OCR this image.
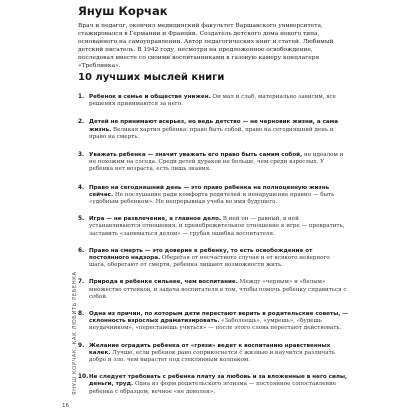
Януш Корчак

Врач и педагог, окончил медицинский факультет Варшавского университета, стажировался в Германии и Франции. Создатель детского дома нового типа, основанного на самоуправлении. Автор педагогических книг и статей. Любимый детский писатель. В 1942 году, несмотря на предложенное освобождение, последовал вместе со своими воспитанниками в газовую камеру концлагеря «Треблинка».

10 лучших мыслей книги
1. Ребенок в семье и обществе унижен. Он мал и слаб, материально зависим, все решения принимаются за него.
2. Детей не принимают всерьез, но ведь детство — не черновик жизни, а сама жизнь. Великая хартия ребенка: право быть собой, право на сегодняшний день и право на смерть.
3. Уважать ребенка — значит уважать его право быть самим собой, не идеалом и не похожим на соседа. Среди детей дураков не больше, чем среди взрослых. У ребенка нет возраста, есть лишь знания.
4. Право на сегодняшний день — это право ребенка на полноценную жизнь сейчас. Не послушание ради комфорта родителей и ненарушение правил — быть «удобным ребенком». Не непрерывная учеба во имя будущего.
5. Игра — не развлечение, а главное дело. В ней он — равный, в ней устанавливаются отношения, и пренебрежительное отношение к игре — превратить, заставить «заниматься делом» — грубая ошибка воспитателя.
6. Право на смерть — это доверие к ребенку, то есть освобождение от постоянного надзора. Оберегая от несчастного случая и от всякого неверного шага, оберегают от смерти, ребенка лишают возможности жить.
7. Природа в ребенке сильнее, чем воспитание. Между «черным» и «белым» множество оттенков, и задача воспитателя в том, чтобы помочь ребенку справиться с собой.
8. Одна из причин, по которым дети перестают верить в родительские советы, — склонность взрослых драматизировать. «Заболеешь», «умрешь», «будешь неудачником», «перестанешь учиться» — после этого слова перестают действовать.
9. Желание оградить ребенка от «грязи» ведет к воспитанию нравственных калек. Лучше, если ребенок рано соприкоснется с жизнью и научится различать добро и зло, чем вырастет под стеклянным колпаком.
10. Не следует требовать с ребенка плату за любовь и за вложенные в него силы, деньги, труд. Одна из форм родительского эгоизма — постоянное сопоставление ребенка с образцом, вечное «не доволен».
ЯНУШ КОРЧАК. КАК ЛЮБИТЬ РЕБЕНКА
16
